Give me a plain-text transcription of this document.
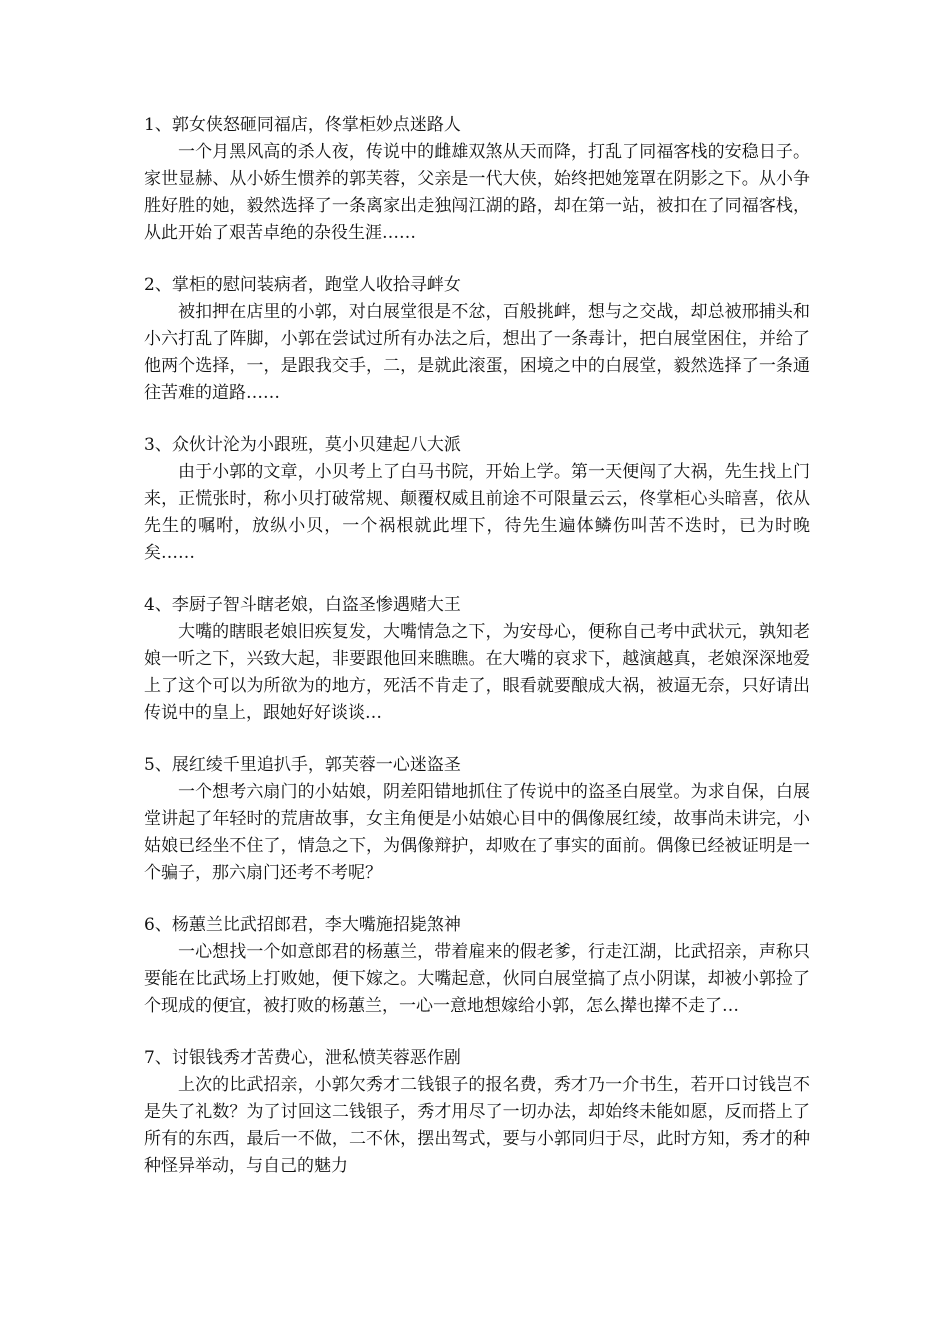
1、郭女侠怒砸同福店，佟掌柜妙点迷路人

一个月黑风高的杀人夜，传说中的雌雄双煞从天而降，打乱了同福客栈的安稳日子。家世显赫、从小娇生惯养的郭芙蓉，父亲是一代大侠，始终把她笼罩在阴影之下。从小争胜好胜的她，毅然选择了一条离家出走独闯江湖的路，却在第一站，被扣在了同福客栈，从此开始了艰苦卓绝的杂役生涯……

2、掌柜的慰问装病者，跑堂人收拾寻衅女

被扣押在店里的小郭，对白展堂很是不忿，百般挑衅，想与之交战，却总被邢捕头和小六打乱了阵脚，小郭在尝试过所有办法之后，想出了一条毒计，把白展堂困住，并给了他两个选择，一，是跟我交手，二，是就此滚蛋，困境之中的白展堂，毅然选择了一条通往苦难的道路……

3、众伙计沦为小跟班，莫小贝建起八大派

由于小郭的文章，小贝考上了白马书院，开始上学。第一天便闯了大祸，先生找上门来，正慌张时，称小贝打破常规、颠覆权威且前途不可限量云云，佟掌柜心头暗喜，依从先生的嘱咐，放纵小贝，一个祸根就此埋下，待先生遍体鳞伤叫苦不迭时，已为时晚矣……

4、李厨子智斗瞎老娘，白盗圣惨遇赌大王

大嘴的瞎眼老娘旧疾复发，大嘴情急之下，为安母心，便称自己考中武状元，孰知老娘一听之下，兴致大起，非要跟他回来瞧瞧。在大嘴的哀求下，越演越真，老娘深深地爱上了这个可以为所欲为的地方，死活不肯走了，眼看就要酿成大祸，被逼无奈，只好请出传说中的皇上，跟她好好谈谈…

5、展红绫千里追扒手，郭芙蓉一心迷盗圣

一个想考六扇门的小姑娘，阴差阳错地抓住了传说中的盗圣白展堂。为求自保，白展堂讲起了年轻时的荒唐故事，女主角便是小姑娘心目中的偶像展红绫，故事尚未讲完，小姑娘已经坐不住了，情急之下，为偶像辩护，却败在了事实的面前。偶像已经被证明是一个骗子，那六扇门还考不考呢？

6、杨蕙兰比武招郎君，李大嘴施招毙煞神

一心想找一个如意郎君的杨蕙兰，带着雇来的假老爹，行走江湖，比武招亲，声称只要能在比武场上打败她，便下嫁之。大嘴起意，伙同白展堂搞了点小阴谋，却被小郭捡了个现成的便宜，被打败的杨蕙兰，一心一意地想嫁给小郭，怎么撵也撵不走了…

7、讨银钱秀才苦费心，泄私愤芙蓉恶作剧

上次的比武招亲，小郭欠秀才二钱银子的报名费，秀才乃一介书生，若开口讨钱岂不是失了礼数？为了讨回这二钱银子，秀才用尽了一切办法，却始终未能如愿，反而搭上了所有的东西，最后一不做，二不休，摆出驾式，要与小郭同归于尽，此时方知，秀才的种种怪异举动，与自己的魅力
